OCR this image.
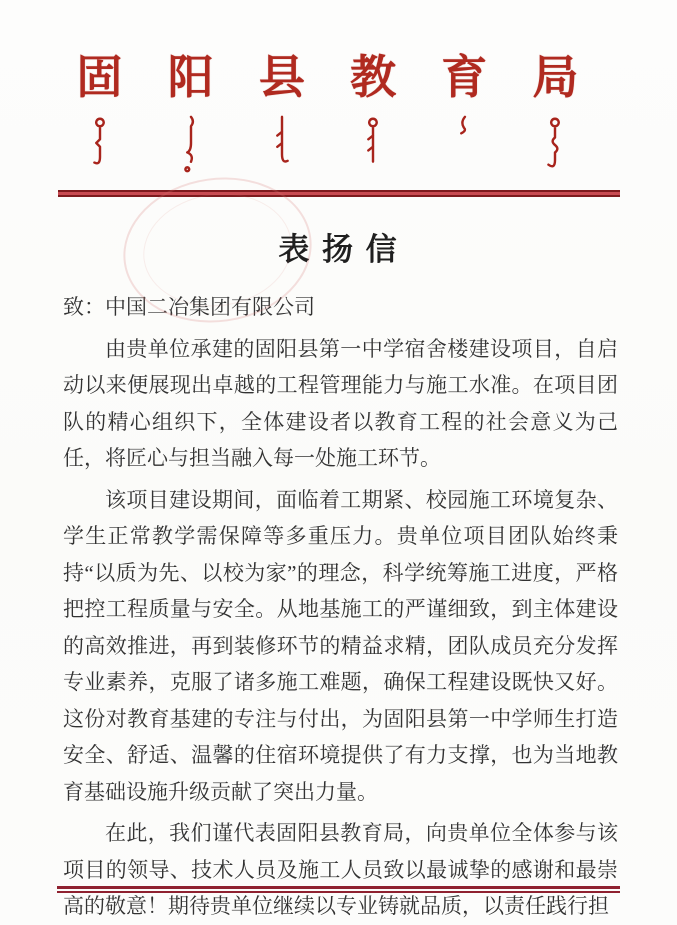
固 阳 县 教 育 局
表 扬 信
致：中国二冶集团有限公司

由贵单位承建的固阳县第一中学宿舍楼建设项目，自启动以来便展现出卓越的工程管理能力与施工水准。在项目团队的精心组织下，全体建设者以教育工程的社会意义为己任，将匠心与担当融入每一处施工环节。

该项目建设期间，面临着工期紧、校园施工环境复杂、学生正常教学需保障等多重压力。贵单位项目团队始终秉持“以质为先、以校为家”的理念，科学统筹施工进度，严格把控工程质量与安全。从地基施工的严谨细致，到主体建设的高效推进，再到装修环节的精益求精，团队成员充分发挥专业素养，克服了诸多施工难题，确保工程建设既快又好。这份对教育基建的专注与付出，为固阳县第一中学师生打造安全、舒适、温馨的住宿环境提供了有力支撑，也为当地教育基础设施升级贡献了突出力量。

在此，我们谨代表固阳县教育局，向贵单位全体参与该项目的领导、技术人员及施工人员致以最诚挚的感谢和最崇高的敬意！期待贵单位继续以专业铸就品质，以责任践行担
